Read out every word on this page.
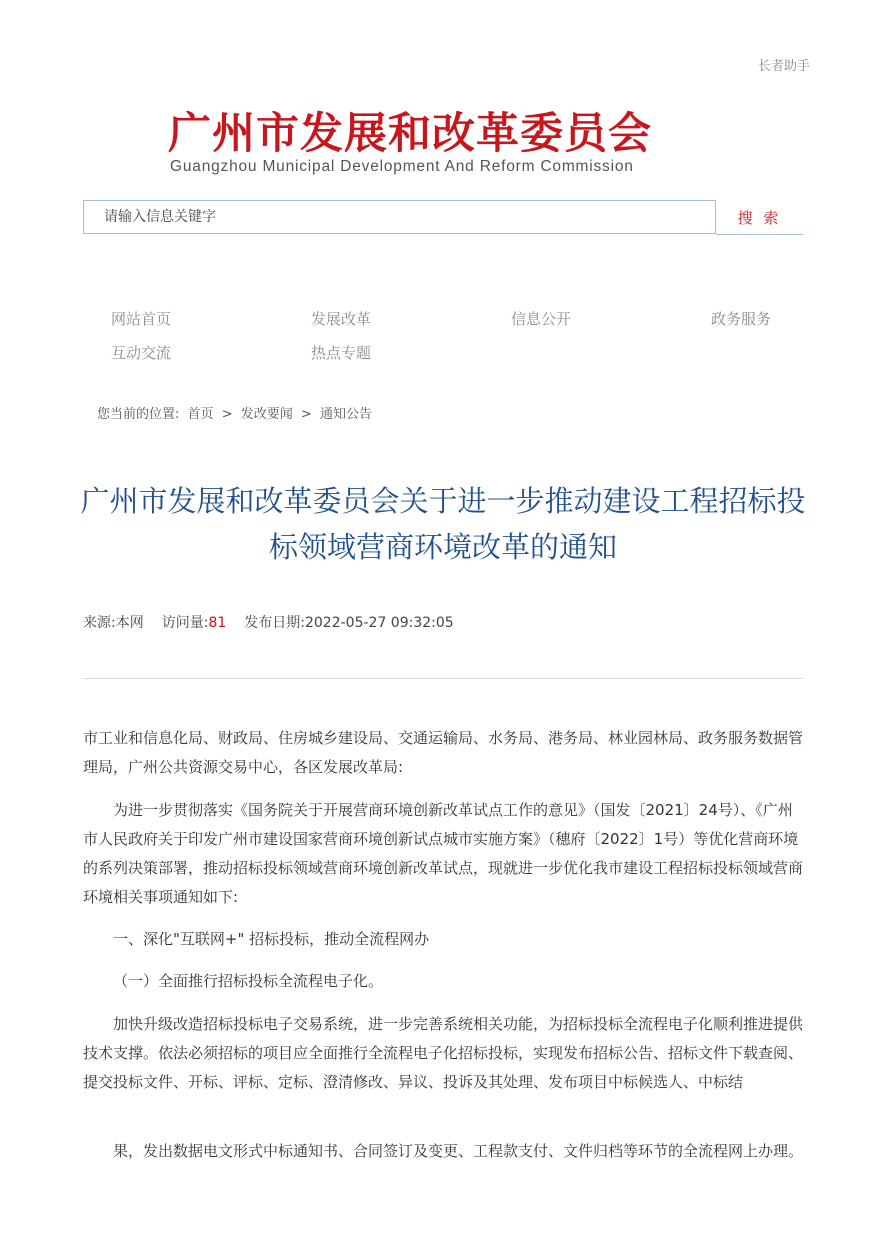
长者助手
广州市发展和改革委员会
Guangzhou Municipal Development And Reform Commission
请输入信息关键字
搜 索
网站首页	发展改革	信息公开	政务服务
互动交流	热点专题
您当前的位置: 首页 > 发改要闻 > 通知公告
广州市发展和改革委员会关于进一步推动建设工程招标投标领域营商环境改革的通知
来源:本网 访问量:81 发布日期:2022-05-27 09:32:05

市工业和信息化局、财政局、住房城乡建设局、交通运输局、水务局、港务局、林业园林局、政务服务数据管理局，广州公共资源交易中心，各区发展改革局:

为进一步贯彻落实《国务院关于开展营商环境创新改革试点工作的意见》（国发〔2021〕24号）、《广州市人民政府关于印发广州市建设国家营商环境创新试点城市实施方案》（穗府〔2022〕1号）等优化营商环境的系列决策部署，推动招标投标领域营商环境创新改革试点，现就进一步优化我市建设工程招标投标领域营商环境相关事项通知如下:

一、深化"互联网+" 招标投标，推动全流程网办

（一）全面推行招标投标全流程电子化。

加快升级改造招标投标电子交易系统，进一步完善系统相关功能，为招标投标全流程电子化顺利推进提供技术支撑。依法必须招标的项目应全面推行全流程电子化招标投标，实现发布招标公告、招标文件下载查阅、提交投标文件、开标、评标、定标、澄清修改、异议、投诉及其处理、发布项目中标候选人、中标结

果，发出数据电文形式中标通知书、合同签订及变更、工程款支付、文件归档等环节的全流程网上办理。
